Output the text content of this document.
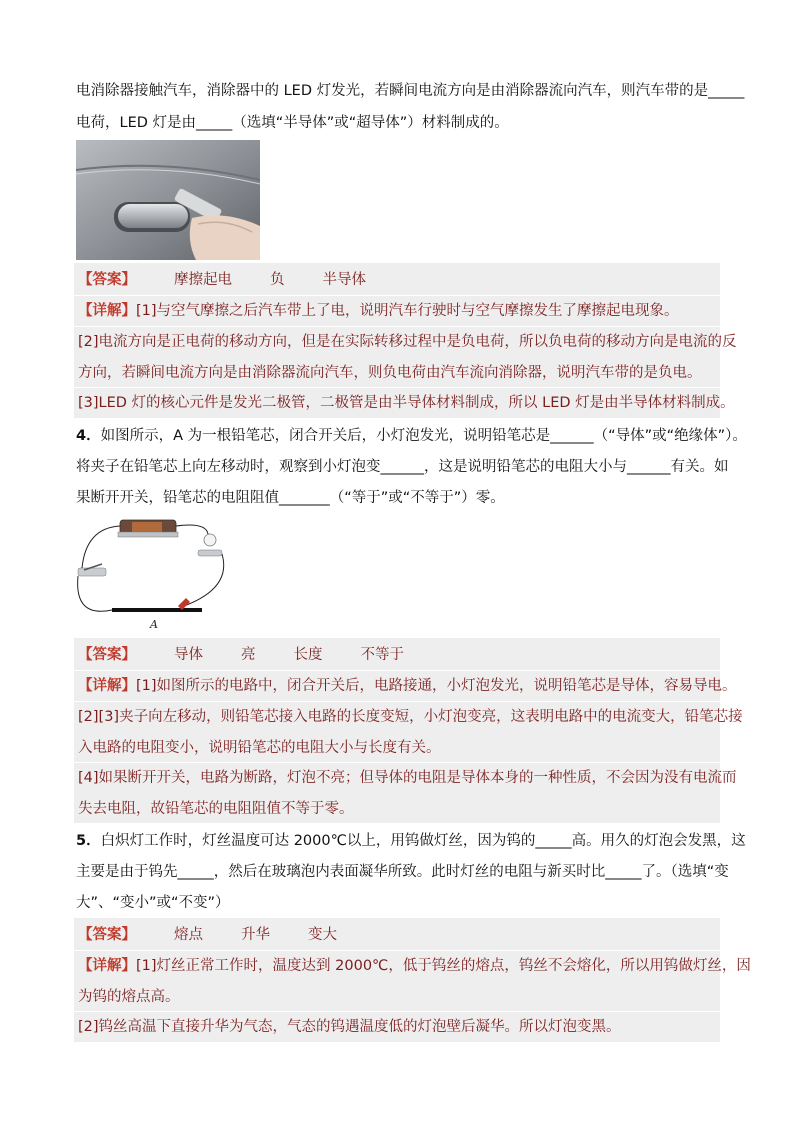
电消除器接触汽车，消除器中的 LED 灯发光，若瞬间电流方向是由消除器流向汽车，则汽车带的是_____
电荷，LED 灯是由_____（选填“半导体”或“超导体”）材料制成的。
【答案】	摩擦起电	负	半导体
【详解】[1]与空气摩擦之后汽车带上了电，说明汽车行驶时与空气摩擦发生了摩擦起电现象。
[2]电流方向是正电荷的移动方向，但是在实际转移过程中是负电荷，所以负电荷的移动方向是电流的反
方向，若瞬间电流方向是由消除器流向汽车，则负电荷由汽车流向消除器，说明汽车带的是负电。
[3]LED 灯的核心元件是发光二极管，二极管是由半导体材料制成，所以 LED 灯是由半导体材料制成。
4．如图所示，A 为一根铅笔芯，闭合开关后，小灯泡发光，说明铅笔芯是______（“导体”或“绝缘体”）。
将夹子在铅笔芯上向左移动时，观察到小灯泡变______，这是说明铅笔芯的电阻大小与______有关。如
果断开开关，铅笔芯的电阻阻值_______（“等于”或“不等于”）零。
A
【答案】	导体	亮	长度	不等于
【详解】[1]如图所示的电路中，闭合开关后，电路接通，小灯泡发光，说明铅笔芯是导体，容易导电。
[2][3]夹子向左移动，则铅笔芯接入电路的长度变短，小灯泡变亮，这表明电路中的电流变大，铅笔芯接
入电路的电阻变小，说明铅笔芯的电阻大小与长度有关。
[4]如果断开开关，电路为断路，灯泡不亮；但导体的电阻是导体本身的一种性质，不会因为没有电流而
失去电阻，故铅笔芯的电阻阻值不等于零。
5．白炽灯工作时，灯丝温度可达 2000℃以上，用钨做灯丝，因为钨的_____高。用久的灯泡会发黑，这
主要是由于钨先_____，然后在玻璃泡内表面凝华所致。此时灯丝的电阻与新买时比_____了。（选填“变
大”、“变小”或“不变”）
【答案】	熔点	升华	变大
【详解】[1]灯丝正常工作时，温度达到 2000℃，低于钨丝的熔点，钨丝不会熔化，所以用钨做灯丝，因
为钨的熔点高。
[2]钨丝高温下直接升华为气态，气态的钨遇温度低的灯泡壁后凝华。所以灯泡变黑。
